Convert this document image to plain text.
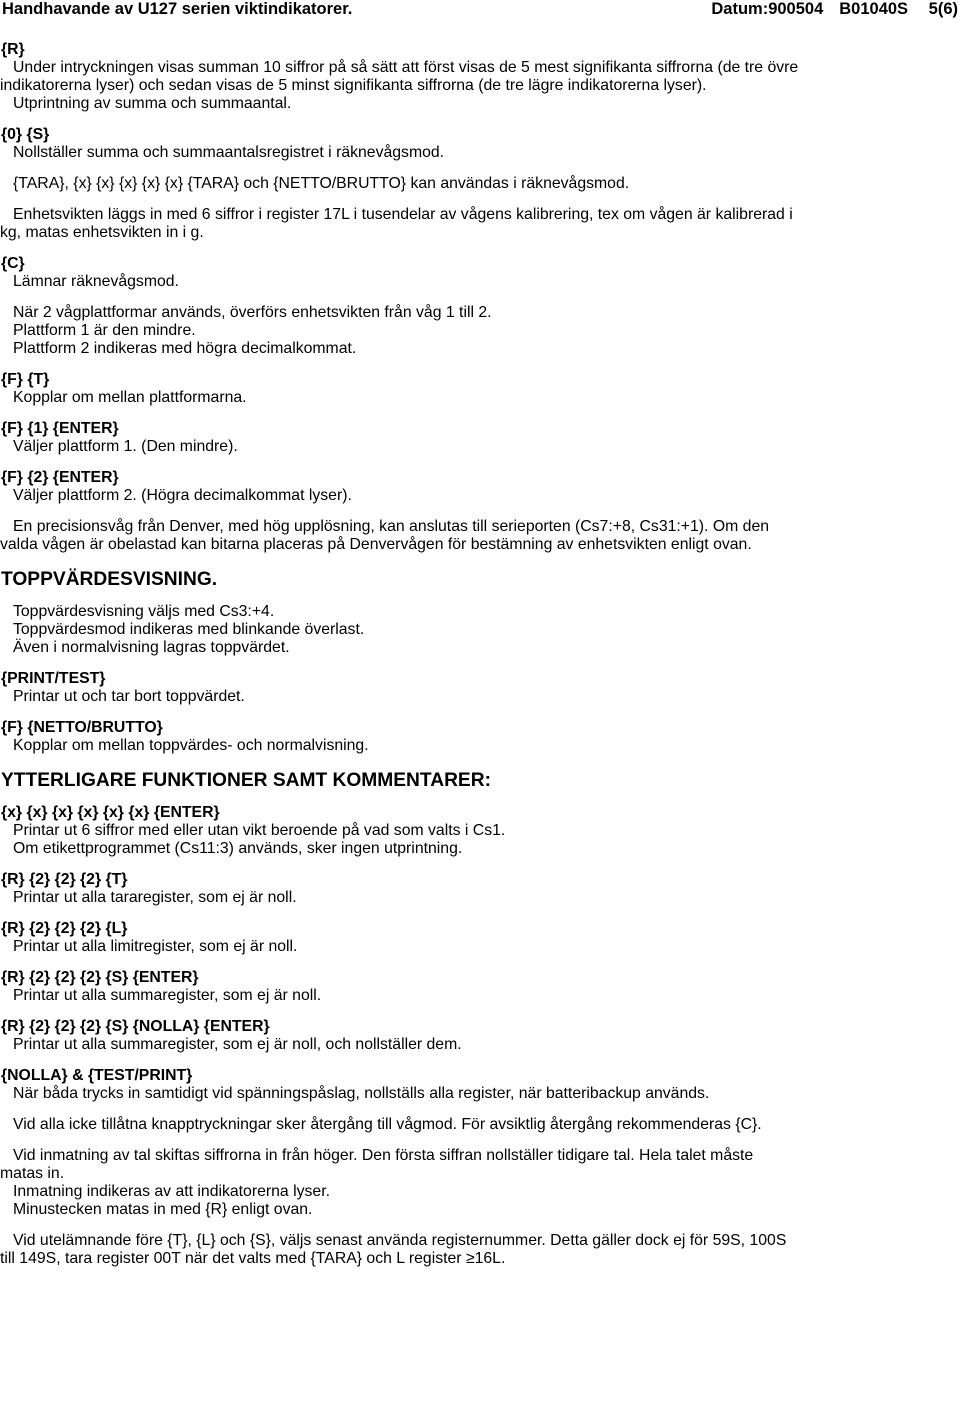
Handhavande av U127 serien viktindikatorer.	Datum:900504 B01040S 5(6)
{R}
Under intryckningen visas summan 10 siffror på så sätt att först visas de 5 mest signifikanta siffrorna (de tre övre
indikatorerna lyser) och sedan visas de 5 minst signifikanta siffrorna (de tre lägre indikatorerna lyser).
Utprintning av summa och summaantal.
{0} {S}
Nollställer summa och summaantalsregistret i räknevågsmod.
{TARA}, {x} {x} {x} {x} {x} {TARA} och {NETTO/BRUTTO} kan användas i räknevågsmod.
Enhetsvikten läggs in med 6 siffror i register 17L i tusendelar av vågens kalibrering, tex om vågen är kalibrerad i
kg, matas enhetsvikten in i g.
{C}
Lämnar räknevågsmod.
När 2 vågplattformar används, överförs enhetsvikten från våg 1 till 2.
Plattform 1 är den mindre.
Plattform 2 indikeras med högra decimalkommat.
{F} {T}
Kopplar om mellan plattformarna.
{F} {1} {ENTER}
Väljer plattform 1. (Den mindre).
{F} {2} {ENTER}
Väljer plattform 2. (Högra decimalkommat lyser).
En precisionsvåg från Denver, med hög upplösning, kan anslutas till serieporten (Cs7:+8, Cs31:+1). Om den
valda vågen är obelastad kan bitarna placeras på Denvervågen för bestämning av enhetsvikten enligt ovan.
TOPPVÄRDESVISNING.
Toppvärdesvisning väljs med Cs3:+4.
Toppvärdesmod indikeras med blinkande överlast.
Även i normalvisning lagras toppvärdet.
{PRINT/TEST}
Printar ut och tar bort toppvärdet.
{F} {NETTO/BRUTTO}
Kopplar om mellan toppvärdes- och normalvisning.
YTTERLIGARE FUNKTIONER SAMT KOMMENTARER:
{x} {x} {x} {x} {x} {x} {ENTER}
Printar ut 6 siffror med eller utan vikt beroende på vad som valts i Cs1.
Om etikettprogrammet (Cs11:3) används, sker ingen utprintning.
{R} {2} {2} {2} {T}
Printar ut alla tararegister, som ej är noll.
{R} {2} {2} {2} {L}
Printar ut alla limitregister, som ej är noll.
{R} {2} {2} {2} {S} {ENTER}
Printar ut alla summaregister, som ej är noll.
{R} {2} {2} {2} {S} {NOLLA} {ENTER}
Printar ut alla summaregister, som ej är noll, och nollställer dem.
{NOLLA} & {TEST/PRINT}
När båda trycks in samtidigt vid spänningspåslag, nollställs alla register, när batteribackup används.
Vid alla icke tillåtna knapptryckningar sker återgång till vågmod. För avsiktlig återgång rekommenderas {C}.
Vid inmatning av tal skiftas siffrorna in från höger. Den första siffran nollställer tidigare tal. Hela talet måste
matas in.
Inmatning indikeras av att indikatorerna lyser.
Minustecken matas in med {R} enligt ovan.
Vid utelämnande före {T}, {L} och {S}, väljs senast använda registernummer. Detta gäller dock ej för 59S, 100S
till 149S, tara register 00T när det valts med {TARA} och L register ≥16L.
